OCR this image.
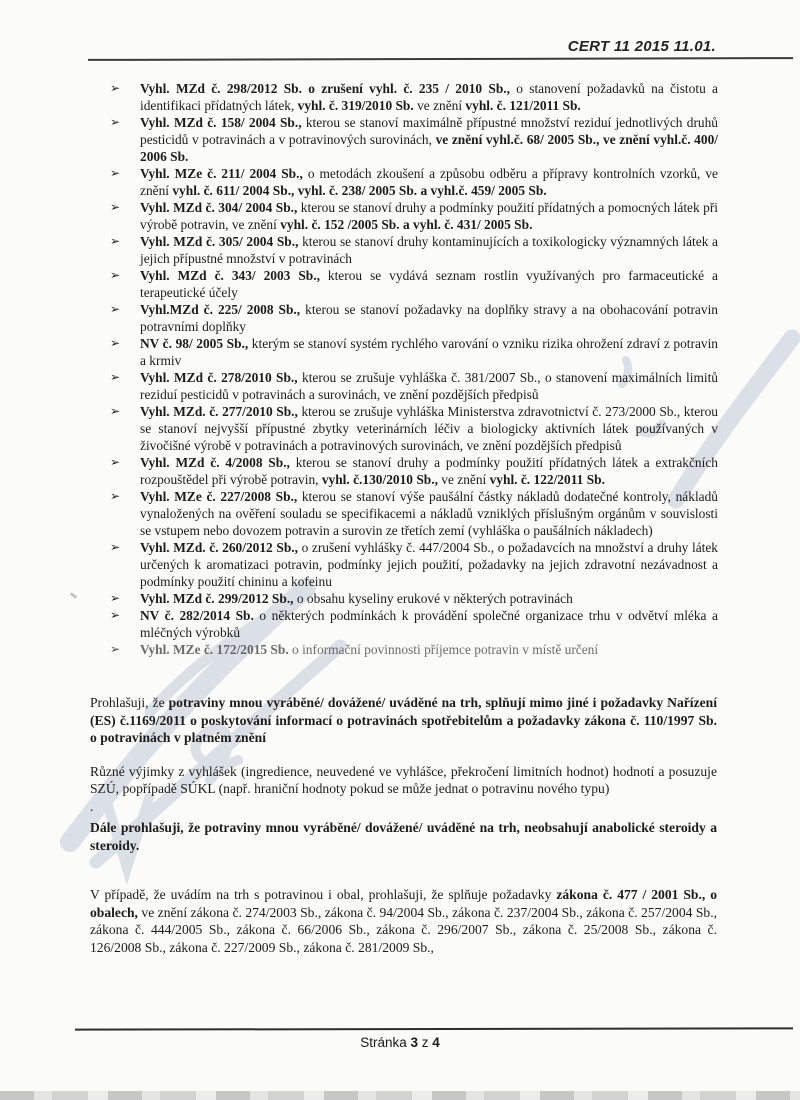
CERT 11 2015 11.01.
➢ Vyhl. MZd č. 298/2012 Sb. o zrušení vyhl. č. 235 / 2010 Sb., o stanovení požadavků na čistotu a identifikaci přídatných látek, vyhl. č. 319/2010 Sb. ve znění vyhl. č. 121/2011 Sb.
➢ Vyhl. MZd č. 158/ 2004 Sb., kterou se stanoví maximálně přípustné množství reziduí jednotlivých druhů pesticidů v potravinách a v potravinových surovinách, ve znění vyhl.č. 68/ 2005 Sb., ve znění vyhl.č. 400/ 2006 Sb.
➢ Vyhl. MZe č. 211/ 2004 Sb., o metodách zkoušení a způsobu odběru a přípravy kontrolních vzorků, ve znění vyhl. č. 611/ 2004 Sb., vyhl. č. 238/ 2005 Sb. a vyhl.č. 459/ 2005 Sb.
➢ Vyhl. MZd č. 304/ 2004 Sb., kterou se stanoví druhy a podmínky použití přídatných a pomocných látek při výrobě potravin, ve znění vyhl. č. 152 /2005 Sb. a vyhl. č. 431/ 2005 Sb.
➢ Vyhl. MZd č. 305/ 2004 Sb., kterou se stanoví druhy kontaminujících a toxikologicky významných látek a jejich přípustné množství v potravinách
➢ Vyhl. MZd č. 343/ 2003 Sb., kterou se vydává seznam rostlin využívaných pro farmaceutické a terapeutické účely
➢ Vyhl.MZd č. 225/ 2008 Sb., kterou se stanoví požadavky na doplňky stravy a na obohacování potravin potravními doplňky
➢ NV č. 98/ 2005 Sb., kterým se stanoví systém rychlého varování o vzniku rizika ohrožení zdraví z potravin a krmiv
➢ Vyhl. MZd č. 278/2010 Sb., kterou se zrušuje vyhláška č. 381/2007 Sb., o stanovení maximálních limitů reziduí pesticidů v potravinách a surovinách, ve znění pozdějších předpisů
➢ Vyhl. MZd. č. 277/2010 Sb., kterou se zrušuje vyhláška Ministerstva zdravotnictví č. 273/2000 Sb., kterou se stanoví nejvyšší přípustné zbytky veterinárních léčiv a biologicky aktivních látek používaných v živočišné výrobě v potravinách a potravinových surovinách, ve znění pozdějších předpisů
➢ Vyhl. MZd č. 4/2008 Sb., kterou se stanoví druhy a podmínky použití přídatných látek a extrakčních rozpouštědel při výrobě potravin, vyhl. č.130/2010 Sb., ve znění vyhl. č. 122/2011 Sb.
➢ Vyhl. MZe č. 227/2008 Sb., kterou se stanoví výše paušální částky nákladů dodatečné kontroly, nákladů vynaložených na ověření souladu se specifikacemi a nákladů vzniklých příslušným orgánům v souvislosti se vstupem nebo dovozem potravin a surovin ze třetích zemí (vyhláška o paušálních nákladech)
➢ Vyhl. MZd. č. 260/2012 Sb., o zrušení vyhlášky č. 447/2004 Sb., o požadavcích na množství a druhy látek určených k aromatizaci potravin, podmínky jejich použití, požadavky na jejich zdravotní nezávadnost a podmínky použití chininu a kofeinu
➢ Vyhl. MZd č. 299/2012 Sb., o obsahu kyseliny erukové v některých potravinách
➢ NV č. 282/2014 Sb. o některých podmínkách k provádění společné organizace trhu v odvětví mléka a mléčných výrobků
➢ Vyhl. MZe č. 172/2015 Sb. o informační povinnosti příjemce potravin v místě určení

Prohlašuji, že potraviny mnou vyráběné/ dovážené/ uváděné na trh, splňují mimo jiné i požadavky Nařízení (ES) č.1169/2011 o poskytování informací o potravinách spotřebitelům a požadavky zákona č. 110/1997 Sb. o potravinách v platném znění

Různé výjimky z vyhlášek (ingredience, neuvedené ve vyhlášce, překročení limitních hodnot) hodnotí a posuzuje SZÚ, popřípadě SÚKL (např. hraniční hodnoty pokud se může jednat o potravinu nového typu)

.

Dále prohlašuji, že potraviny mnou vyráběné/ dovážené/ uváděné na trh, neobsahují anabolické steroidy a steroidy.

V případě, že uvádím na trh s potravinou i obal, prohlašuji, že splňuje požadavky zákona č. 477 / 2001 Sb., o obalech, ve znění zákona č. 274/2003 Sb., zákona č. 94/2004 Sb., zákona č. 237/2004 Sb., zákona č. 257/2004 Sb., zákona č. 444/2005 Sb., zákona č. 66/2006 Sb., zákona č. 296/2007 Sb., zákona č. 25/2008 Sb., zákona č. 126/2008 Sb., zákona č. 227/2009 Sb., zákona č. 281/2009 Sb.,

Stránka 3 z 4
